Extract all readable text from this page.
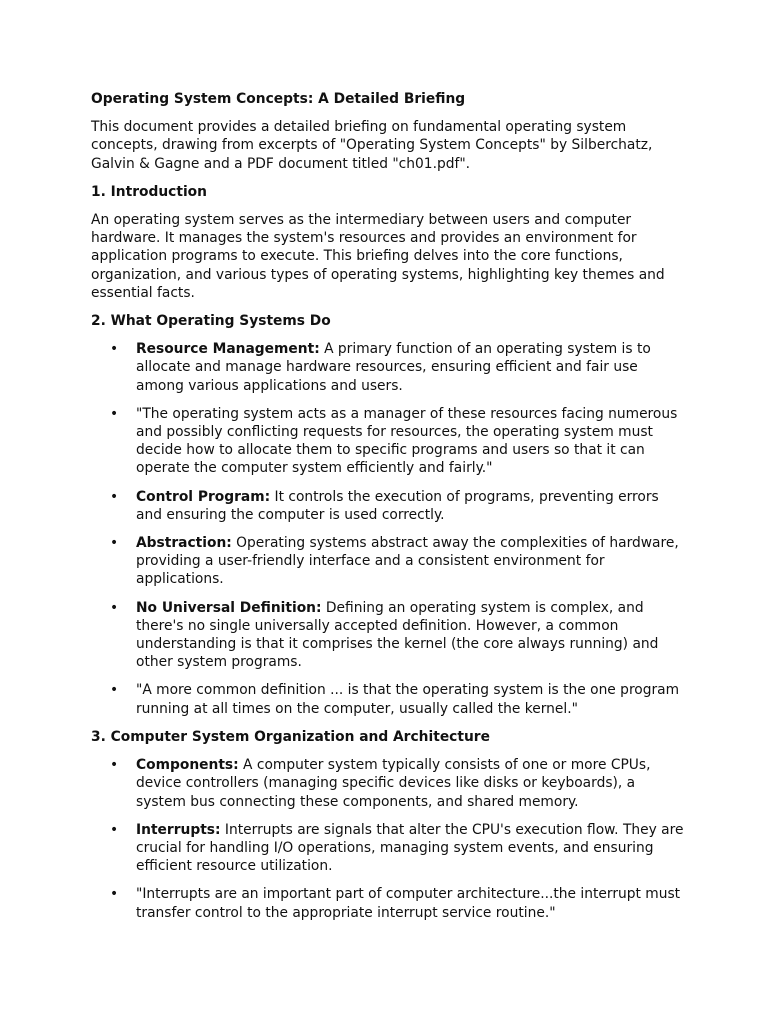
Operating System Concepts: A Detailed Briefing

This document provides a detailed briefing on fundamental operating system concepts, drawing from excerpts of "Operating System Concepts" by Silberchatz, Galvin & Gagne and a PDF document titled "ch01.pdf".

1. Introduction

An operating system serves as the intermediary between users and computer hardware. It manages the system's resources and provides an environment for application programs to execute. This briefing delves into the core functions, organization, and various types of operating systems, highlighting key themes and essential facts.

2. What Operating Systems Do
• Resource Management: A primary function of an operating system is to allocate and manage hardware resources, ensuring efficient and fair use among various applications and users.
• "The operating system acts as a manager of these resources facing numerous and possibly conflicting requests for resources, the operating system must decide how to allocate them to specific programs and users so that it can operate the computer system efficiently and fairly."
• Control Program: It controls the execution of programs, preventing errors and ensuring the computer is used correctly.
• Abstraction: Operating systems abstract away the complexities of hardware, providing a user-friendly interface and a consistent environment for applications.
• No Universal Definition: Defining an operating system is complex, and there's no single universally accepted definition. However, a common understanding is that it comprises the kernel (the core always running) and other system programs.
• "A more common definition ... is that the operating system is the one program running at all times on the computer, usually called the kernel."
3. Computer System Organization and Architecture
• Components: A computer system typically consists of one or more CPUs, device controllers (managing specific devices like disks or keyboards), a system bus connecting these components, and shared memory.
• Interrupts: Interrupts are signals that alter the CPU's execution flow. They are crucial for handling I/O operations, managing system events, and ensuring efficient resource utilization.
• "Interrupts are an important part of computer architecture...the interrupt must transfer control to the appropriate interrupt service routine."
